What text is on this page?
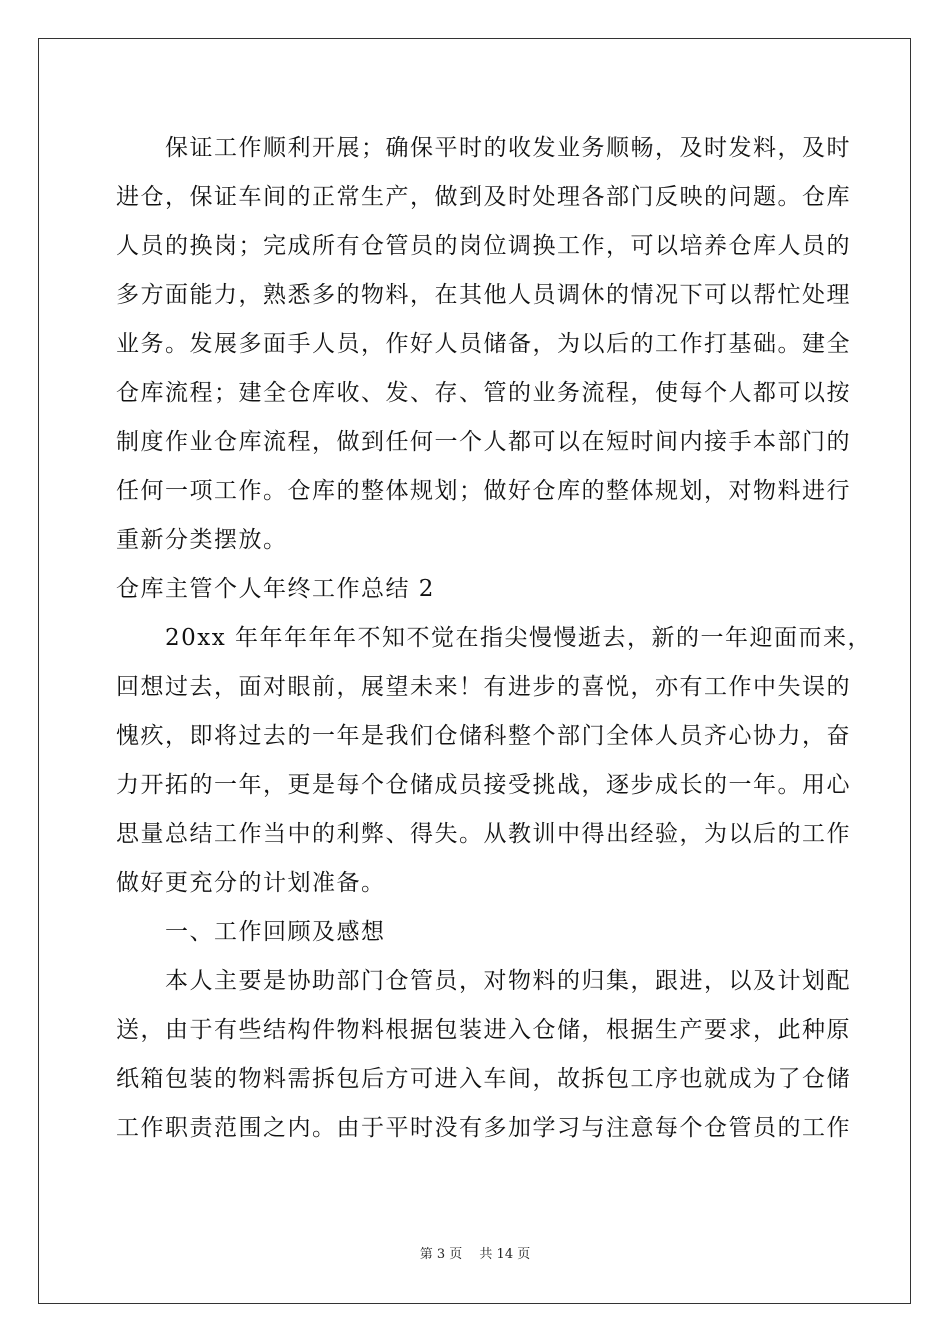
　　保证工作顺利开展；确保平时的收发业务顺畅，及时发料，及时
进仓，保证车间的正常生产，做到及时处理各部门反映的问题。仓库
人员的换岗；完成所有仓管员的岗位调换工作，可以培养仓库人员的
多方面能力，熟悉多的物料，在其他人员调休的情况下可以帮忙处理
业务。发展多面手人员，作好人员储备，为以后的工作打基础。建全
仓库流程；建全仓库收、发、存、管的业务流程，使每个人都可以按
制度作业仓库流程，做到任何一个人都可以在短时间内接手本部门的
任何一项工作。仓库的整体规划；做好仓库的整体规划，对物料进行
重新分类摆放。
仓库主管个人年终工作总结 2
　　20xx 年年年年年不知不觉在指尖慢慢逝去，新的一年迎面而来，
回想过去，面对眼前，展望未来！有进步的喜悦，亦有工作中失误的
愧疚，即将过去的一年是我们仓储科整个部门全体人员齐心协力，奋
力开拓的一年，更是每个仓储成员接受挑战，逐步成长的一年。用心
思量总结工作当中的利弊、得失。从教训中得出经验，为以后的工作
做好更充分的计划准备。
　　一、工作回顾及感想
　　本人主要是协助部门仓管员，对物料的归集，跟进，以及计划配
送，由于有些结构件物料根据包装进入仓储，根据生产要求，此种原
纸箱包装的物料需拆包后方可进入车间，故拆包工序也就成为了仓储
工作职责范围之内。由于平时没有多加学习与注意每个仓管员的工作
第 3 页　 共 14 页
